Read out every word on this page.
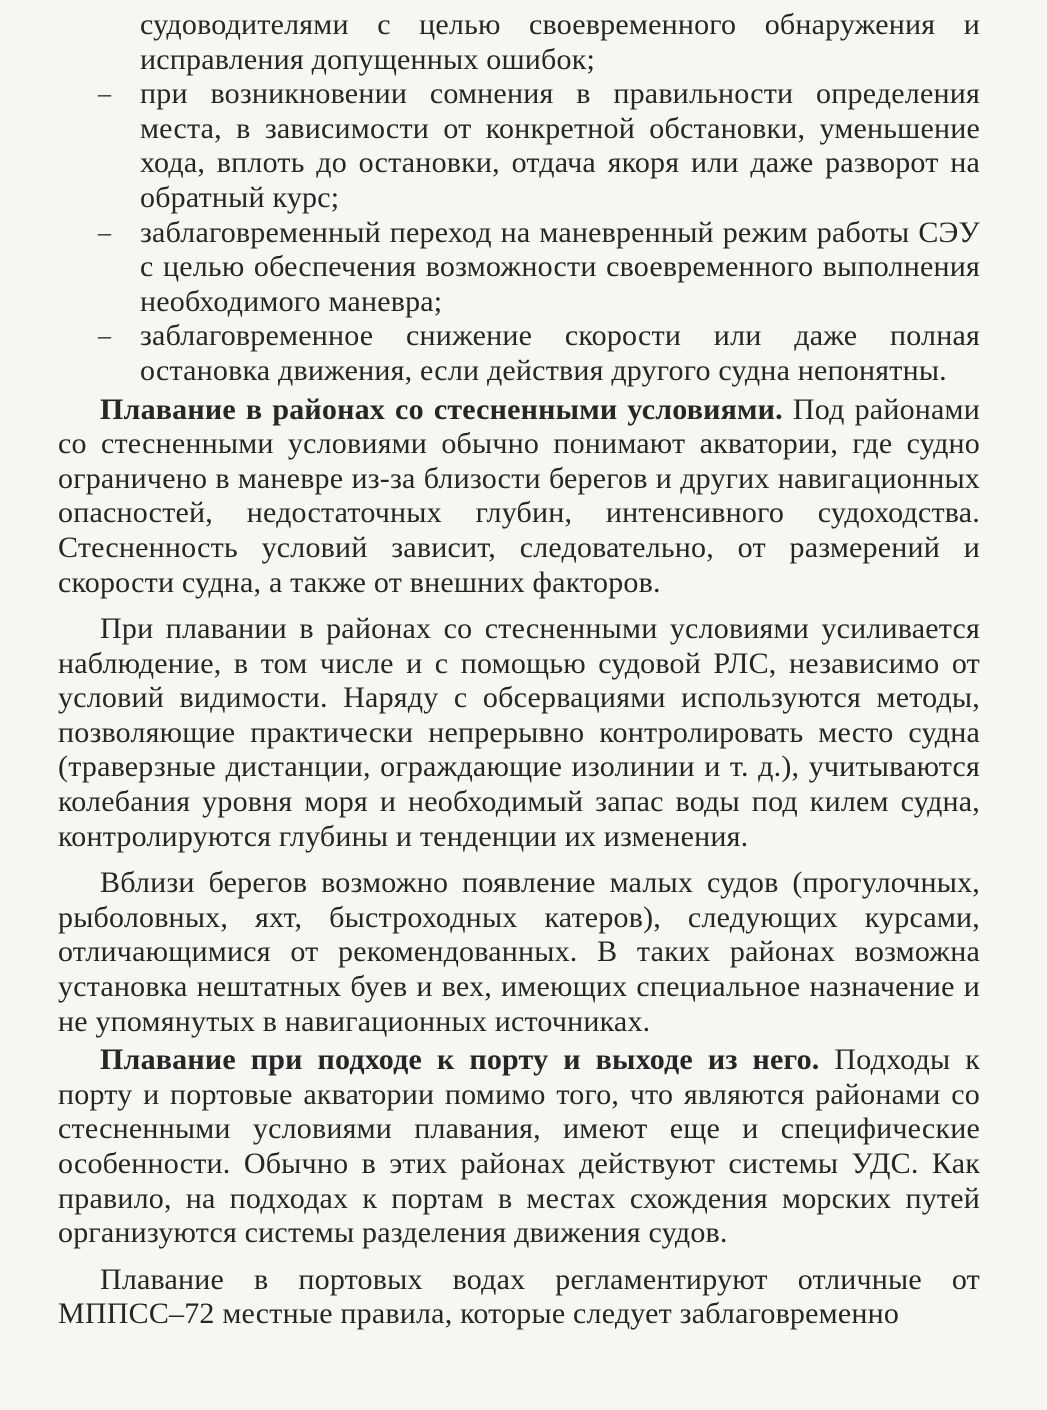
судоводителями с целью своевременного обнаружения и исправления допущенных ошибок;

– при возникновении сомнения в правильности определения места, в зависимости от конкретной обстановки, уменьшение хода, вплоть до остановки, отдача якоря или даже разворот на обратный курс;
– заблаговременный переход на маневренный режим работы СЭУ с целью обеспечения возможности своевременного выполнения необходимого маневра;
– заблаговременное снижение скорости или даже полная остановка движения, если действия другого судна непонятны.

Плавание в районах со стесненными условиями. Под районами со стесненными условиями обычно понимают акватории, где судно ограничено в маневре из-за близости берегов и других навигационных опасностей, недостаточных глубин, интенсивного судоходства. Стесненность условий зависит, следовательно, от размерений и скорости судна, а также от внешних факторов.

При плавании в районах со стесненными условиями усиливается наблюдение, в том числе и с помощью судовой РЛС, независимо от условий видимости. Наряду с обсервациями используются методы, позволяющие практически непрерывно контролировать место судна (траверзные дистанции, ограждающие изолинии и т. д.), учитываются колебания уровня моря и необходимый запас воды под килем судна, контролируются глубины и тенденции их изменения.

Вблизи берегов возможно появление малых судов (прогулочных, рыболовных, яхт, быстроходных катеров), следующих курсами, отличающимися от рекомендованных. В таких районах возможна установка нештатных буев и вех, имеющих специальное назначение и не упомянутых в навигационных источниках.

Плавание при подходе к порту и выходе из него. Подходы к порту и портовые акватории помимо того, что являются районами со стесненными условиями плавания, имеют еще и специфические особенности. Обычно в этих районах действуют системы УДС. Как правило, на подходах к портам в местах схождения морских путей организуются системы разделения движения судов.

Плавание в портовых водах регламентируют отличные от МППСС–72 местные правила, которые следует заблаговременно
